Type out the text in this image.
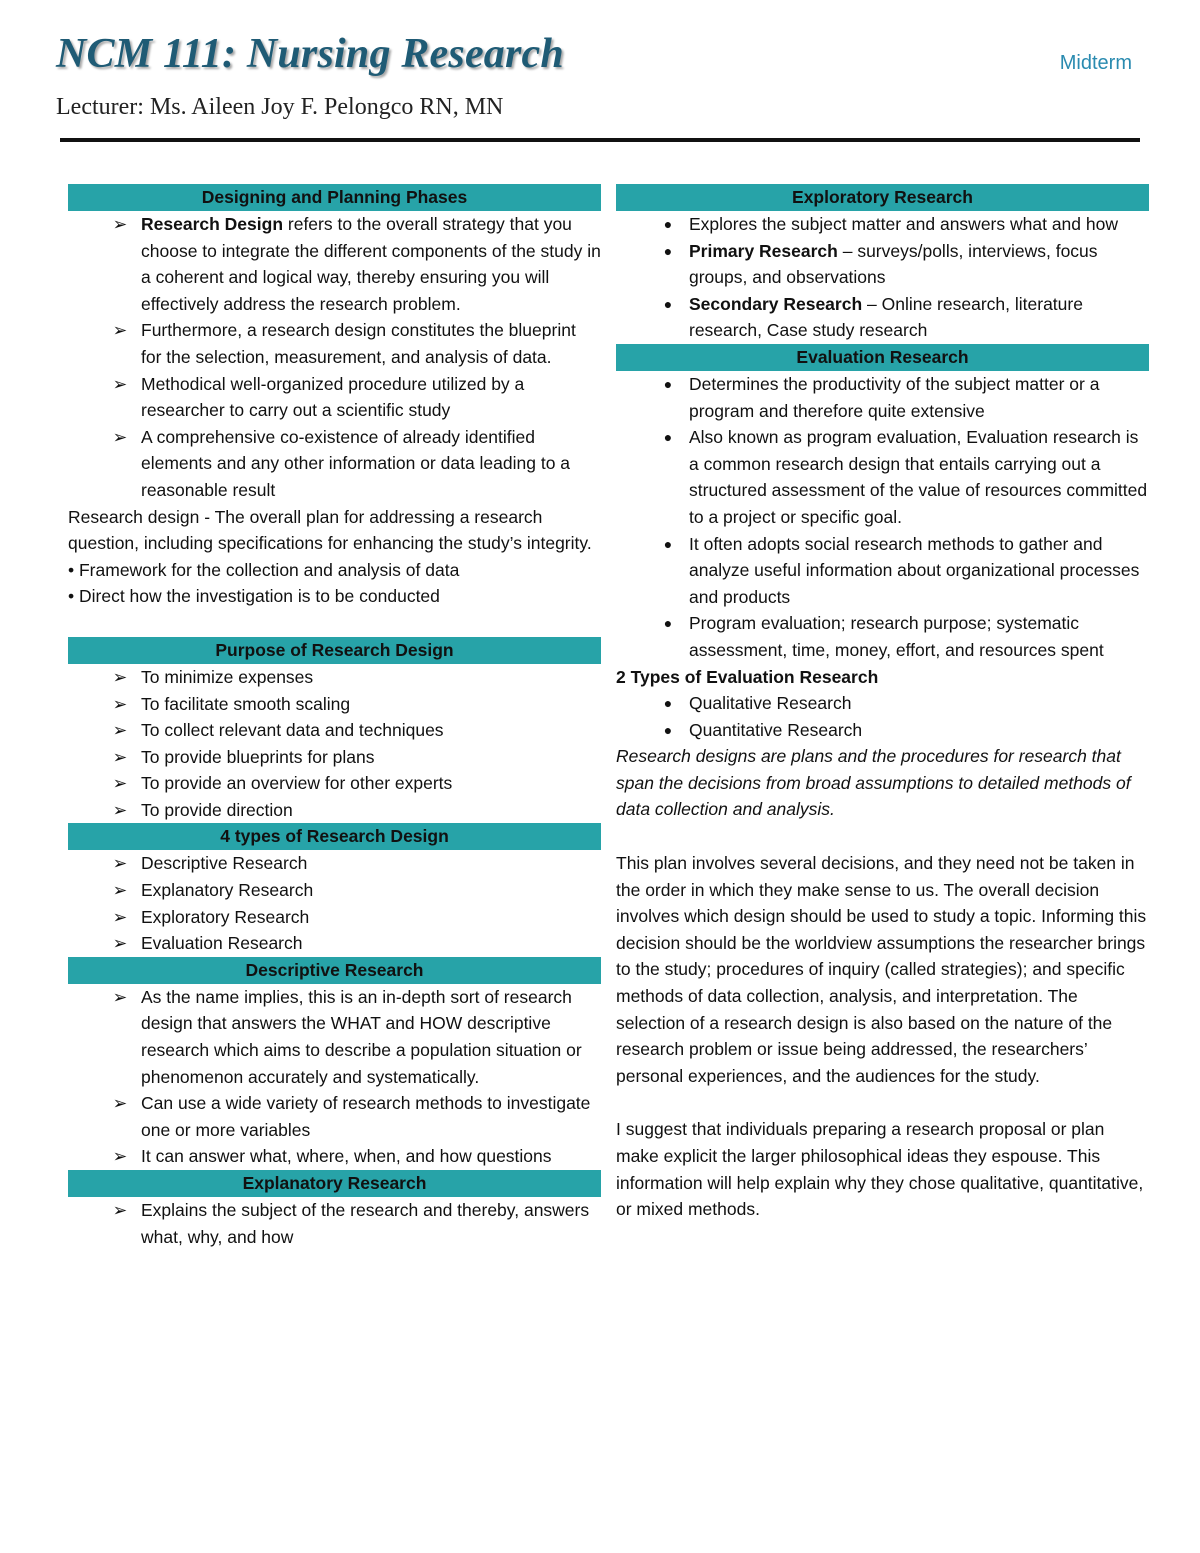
NCM 111: Nursing Research	Midterm

Lecturer: Ms. Aileen Joy F. Pelongco RN, MN

Designing and Planning Phases
➢ Research Design refers to the overall strategy that you choose to integrate the different components of the study in a coherent and logical way, thereby ensuring you will effectively address the research problem.
➢ Furthermore, a research design constitutes the blueprint for the selection, measurement, and analysis of data.
➢ Methodical well-organized procedure utilized by a researcher to carry out a scientific study
➢ A comprehensive co-existence of already identified elements and any other information or data leading to a reasonable result

Research design - The overall plan for addressing a research question, including specifications for enhancing the study’s integrity.

• Framework for the collection and analysis of data

• Direct how the investigation is to be conducted

Purpose of Research Design
➢ To minimize expenses
➢ To facilitate smooth scaling
➢ To collect relevant data and techniques
➢ To provide blueprints for plans
➢ To provide an overview for other experts
➢ To provide direction
4 types of Research Design
➢ Descriptive Research
➢ Explanatory Research
➢ Exploratory Research
➢ Evaluation Research
Descriptive Research
➢ As the name implies, this is an in-depth sort of research design that answers the WHAT and HOW descriptive research which aims to describe a population situation or phenomenon accurately and systematically.
➢ Can use a wide variety of research methods to investigate one or more variables
➢ It can answer what, where, when, and how questions
Explanatory Research
➢ Explains the subject of the research and thereby, answers what, why, and how
Exploratory Research
● Explores the subject matter and answers what and how
● Primary Research – surveys/polls, interviews, focus groups, and observations
● Secondary Research – Online research, literature research, Case study research
Evaluation Research
● Determines the productivity of the subject matter or a program and therefore quite extensive
● Also known as program evaluation, Evaluation research is a common research design that entails carrying out a structured assessment of the value of resources committed to a project or specific goal.
● It often adopts social research methods to gather and analyze useful information about organizational processes and products
● Program evaluation; research purpose; systematic assessment, time, money, effort, and resources spent

2 Types of Evaluation Research

● Qualitative Research
● Quantitative Research

Research designs are plans and the procedures for research that span the decisions from broad assumptions to detailed methods of data collection and analysis.

This plan involves several decisions, and they need not be taken in the order in which they make sense to us. The overall decision involves which design should be used to study a topic. Informing this decision should be the worldview assumptions the researcher brings to the study; procedures of inquiry (called strategies); and specific methods of data collection, analysis, and interpretation. The selection of a research design is also based on the nature of the research problem or issue being addressed, the researchers’ personal experiences, and the audiences for the study.

I suggest that individuals preparing a research proposal or plan make explicit the larger philosophical ideas they espouse. This information will help explain why they chose qualitative, quantitative, or mixed methods.
